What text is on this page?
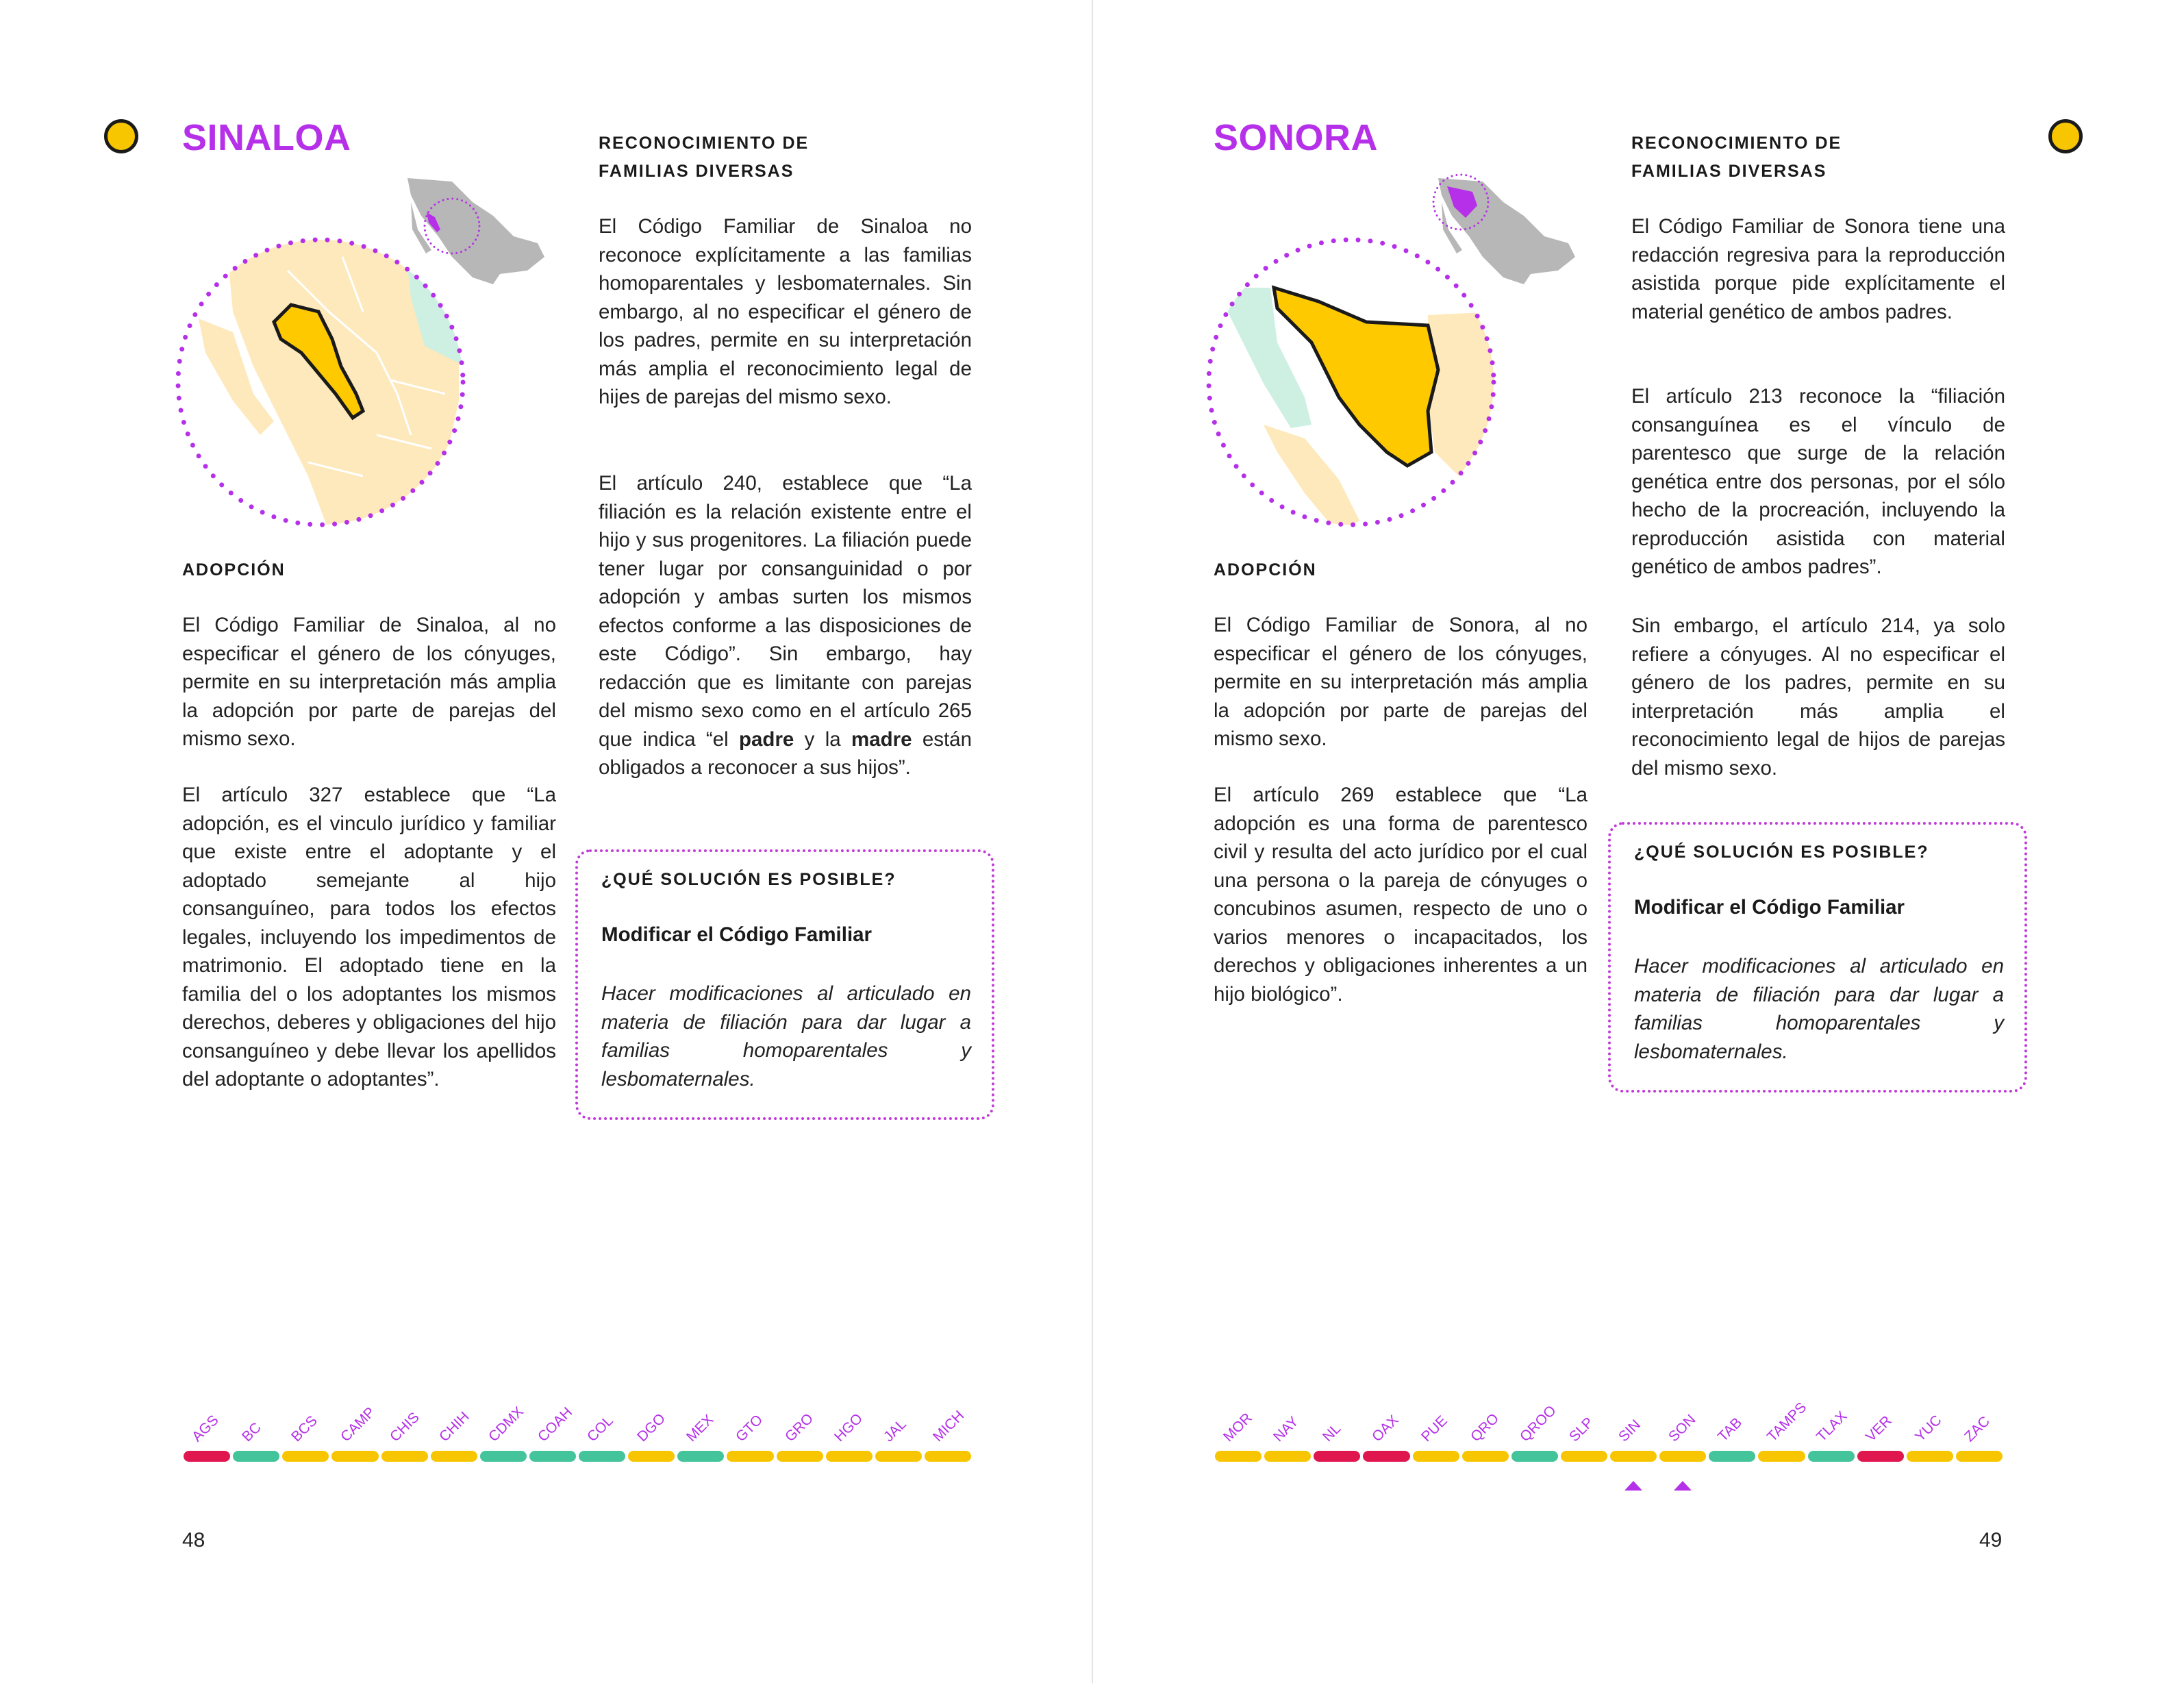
SINALOA	RECONOCIMIENTO DE
FAMILIAS DIVERSAS
El Código Familiar de Sinaloa no reconoce explícitamente a las familias homoparentales y lesbomaternales. Sin embargo, al no especificar el género de los padres, permite en su interpretación más amplia el reconocimiento legal de hijes de parejas del mismo sexo.
El artículo 240, establece que “La filiación es la relación existente entre el hijo y sus progenitores. La filiación puede tener lugar por consanguinidad o por adopción y ambas surten los mismos efectos conforme a las disposiciones de este Código”. Sin embargo, hay redacción que es limitante con parejas del mismo sexo como en el artículo 265 que indica “el padre y la madre están obligados a reconocer a sus hijos”.
ADOPCIÓN
El Código Familiar de Sinaloa, al no especificar el género de los cónyuges, permite en su interpretación más amplia la adopción por parte de parejas del mismo sexo.
El artículo 327 establece que “La adopción, es el vinculo jurídico y familiar que existe entre el adoptante y el adoptado semejante al hijo consanguíneo, para todos los efectos legales, incluyendo los impedimentos de matrimonio. El adoptado tiene en la familia del o los adoptantes los mismos derechos, deberes y obligaciones del hijo consanguíneo y debe llevar los apellidos del adoptante o adoptantes”.
¿QUÉ SOLUCIÓN ES POSIBLE?
Modificar el Código Familiar
Hacer modificaciones al articulado en materia de filiación para dar lugar a familias homoparentales y lesbomaternales.
AGS BC BCS CAMP CHIS CHIH CDMX COAH COL DGO MEX GTO GRO HGO JAL MICH
48
SONORA	RECONOCIMIENTO DE
FAMILIAS DIVERSAS
El Código Familiar de Sonora tiene una redacción regresiva para la reproducción asistida porque pide explícitamente el material genético de ambos padres.
El artículo 213 reconoce la “filiación consanguínea es el vínculo de parentesco que surge de la relación genética entre dos personas, por el sólo hecho de la procreación, incluyendo la reproducción asistida con material genético de ambos padres”.
Sin embargo, el artículo 214, ya solo refiere a cónyuges. Al no especificar el género de los padres, permite en su interpretación más amplia el reconocimiento legal de hijos de parejas del mismo sexo.
ADOPCIÓN
El Código Familiar de Sonora, al no especificar el género de los cónyuges, permite en su interpretación más amplia la adopción por parte de parejas del mismo sexo.
El artículo 269 establece que “La adopción es una forma de parentesco civil y resulta del acto jurídico por el cual una persona o la pareja de cónyuges o concubinos asumen, respecto de uno o varios menores o incapacitados, los derechos y obligaciones inherentes a un hijo biológico”.
¿QUÉ SOLUCIÓN ES POSIBLE?
Modificar el Código Familiar
Hacer modificaciones al articulado en materia de filiación para dar lugar a familias homoparentales y lesbomaternales.
MOR NAY NL OAX PUE QRO QROO SLP SIN SON TAB TAMPS TLAX VER YUC ZAC
49
